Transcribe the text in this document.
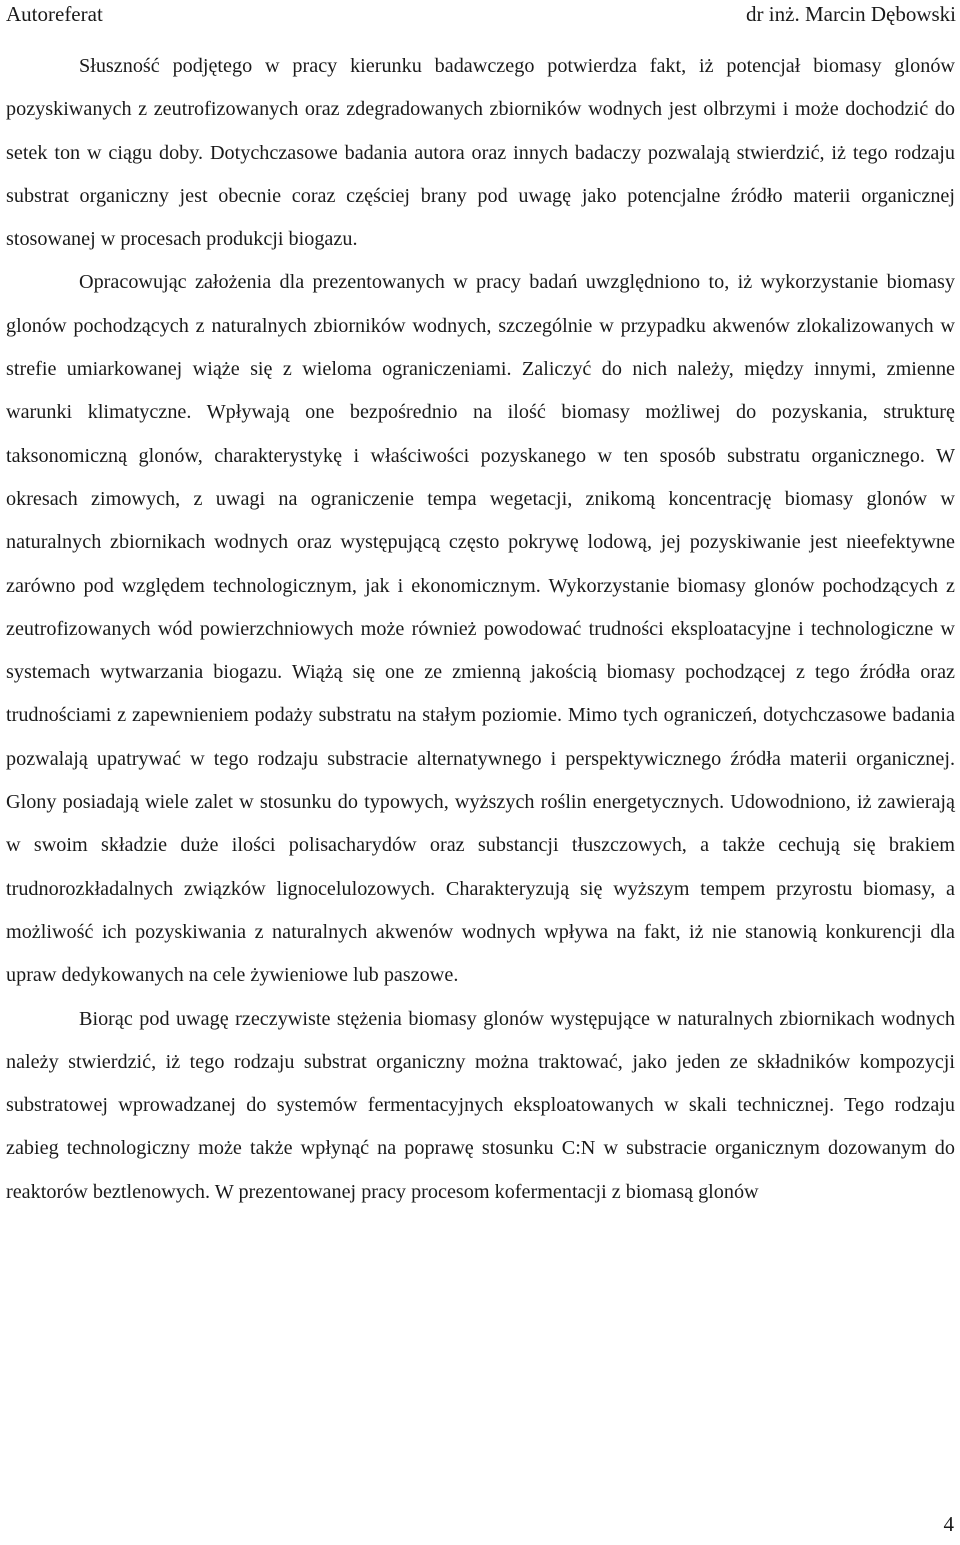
Autoreferat	dr inż. Marcin Dębowski

Słuszność podjętego w pracy kierunku badawczego potwierdza fakt, iż potencjał biomasy glonów pozyskiwanych z zeutrofizowanych oraz zdegradowanych zbiorników wodnych jest olbrzymi i może dochodzić do setek ton w ciągu doby. Dotychczasowe badania autora oraz innych badaczy pozwalają stwierdzić, iż tego rodzaju substrat organiczny jest obecnie coraz częściej brany pod uwagę jako potencjalne źródło materii organicznej stosowanej w procesach produkcji biogazu.

Opracowując założenia dla prezentowanych w pracy badań uwzględniono to, iż wykorzystanie biomasy glonów pochodzących z naturalnych zbiorników wodnych, szczególnie w przypadku akwenów zlokalizowanych w strefie umiarkowanej wiąże się z wieloma ograniczeniami. Zaliczyć do nich należy, między innymi, zmienne warunki klimatyczne. Wpływają one bezpośrednio na ilość biomasy możliwej do pozyskania, strukturę taksonomiczną glonów, charakterystykę i właściwości pozyskanego w ten sposób substratu organicznego. W okresach zimowych, z uwagi na ograniczenie tempa wegetacji, znikomą koncentrację biomasy glonów w naturalnych zbiornikach wodnych oraz występującą często pokrywę lodową, jej pozyskiwanie jest nieefektywne zarówno pod względem technologicznym, jak i ekonomicznym. Wykorzystanie biomasy glonów pochodzących z zeutrofizowanych wód powierzchniowych może również powodować trudności eksploatacyjne i technologiczne w systemach wytwarzania biogazu. Wiążą się one ze zmienną jakością biomasy pochodzącej z tego źródła oraz trudnościami z zapewnieniem podaży substratu na stałym poziomie. Mimo tych ograniczeń, dotychczasowe badania pozwalają upatrywać w tego rodzaju substracie alternatywnego i perspektywicznego źródła materii organicznej. Glony posiadają wiele zalet w stosunku do typowych, wyższych roślin energetycznych. Udowodniono, iż zawierają w swoim składzie duże ilości polisacharydów oraz substancji tłuszczowych, a także cechują się brakiem trudnorozkładalnych związków lignocelulozowych. Charakteryzują się wyższym tempem przyrostu biomasy, a możliwość ich pozyskiwania z naturalnych akwenów wodnych wpływa na fakt, iż nie stanowią konkurencji dla upraw dedykowanych na cele żywieniowe lub paszowe.

Biorąc pod uwagę rzeczywiste stężenia biomasy glonów występujące w naturalnych zbiornikach wodnych należy stwierdzić, iż tego rodzaju substrat organiczny można traktować, jako jeden ze składników kompozycji substratowej wprowadzanej do systemów fermentacyjnych eksploatowanych w skali technicznej. Tego rodzaju zabieg technologiczny może także wpłynąć na poprawę stosunku C:N w substracie organicznym dozowanym do reaktorów beztlenowych. W prezentowanej pracy procesom kofermentacji z biomasą glonów

4
